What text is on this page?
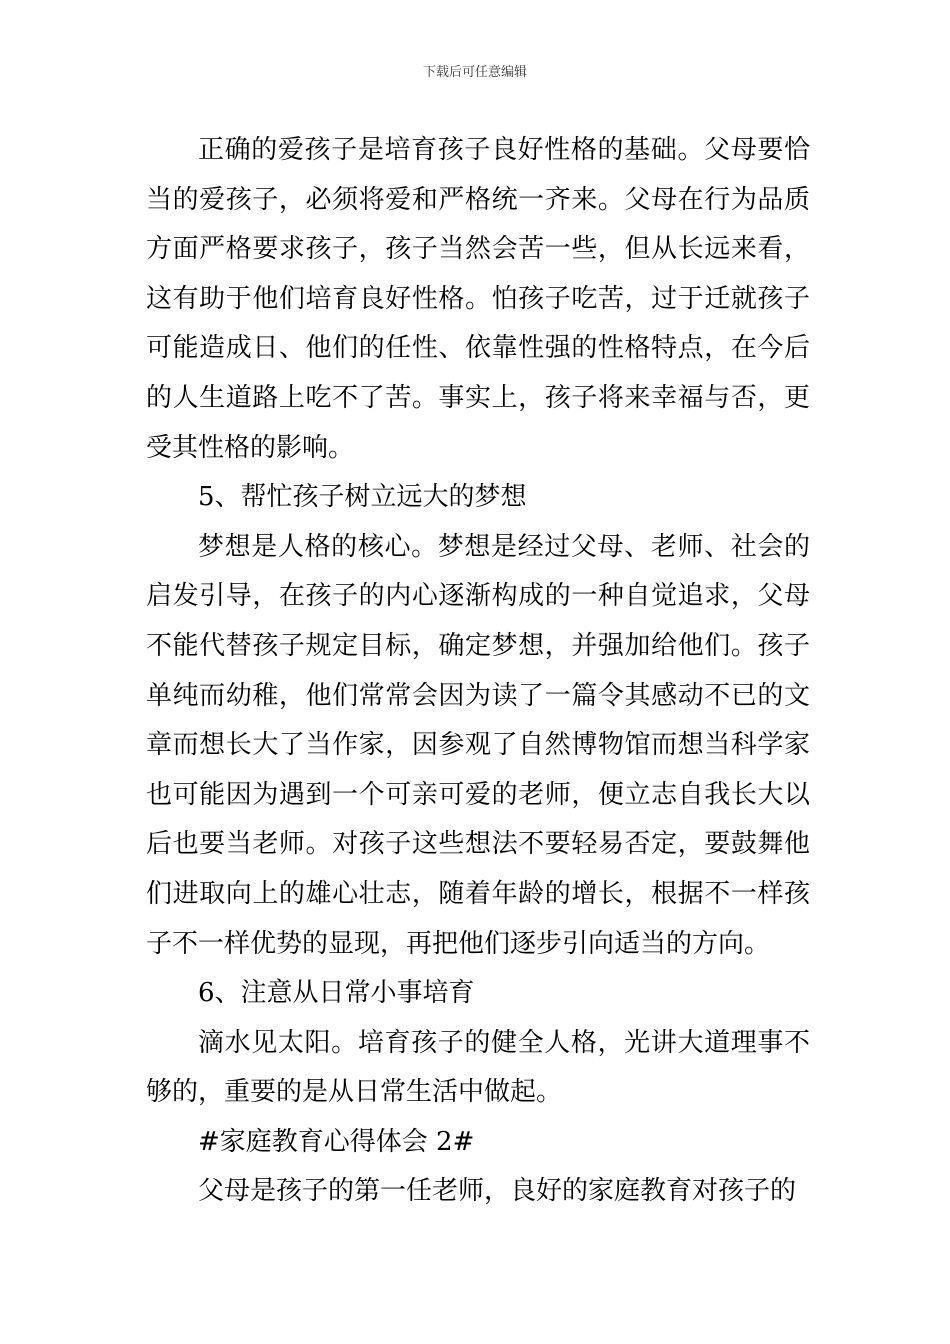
下载后可任意编辑

正确的爱孩子是培育孩子良好性格的基础。父母要恰当的爱孩子，必须将爱和严格统一齐来。父母在行为品质方面严格要求孩子，孩子当然会苦一些，但从长远来看，这有助于他们培育良好性格。怕孩子吃苦，过于迁就孩子可能造成日、他们的任性、依靠性强的性格特点，在今后的人生道路上吃不了苦。事实上，孩子将来幸福与否，更受其性格的影响。

5、帮忙孩子树立远大的梦想

梦想是人格的核心。梦想是经过父母、老师、社会的启发引导，在孩子的内心逐渐构成的一种自觉追求，父母不能代替孩子规定目标，确定梦想，并强加给他们。孩子单纯而幼稚，他们常常会因为读了一篇令其感动不已的文章而想长大了当作家，因参观了自然博物馆而想当科学家也可能因为遇到一个可亲可爱的老师，便立志自我长大以后也要当老师。对孩子这些想法不要轻易否定，要鼓舞他们进取向上的雄心壮志，随着年龄的增长，根据不一样孩子不一样优势的显现，再把他们逐步引向适当的方向。

6、注意从日常小事培育

滴水见太阳。培育孩子的健全人格，光讲大道理事不够的，重要的是从日常生活中做起。

#家庭教育心得体会 2#

父母是孩子的第一任老师，良好的家庭教育对孩子的
